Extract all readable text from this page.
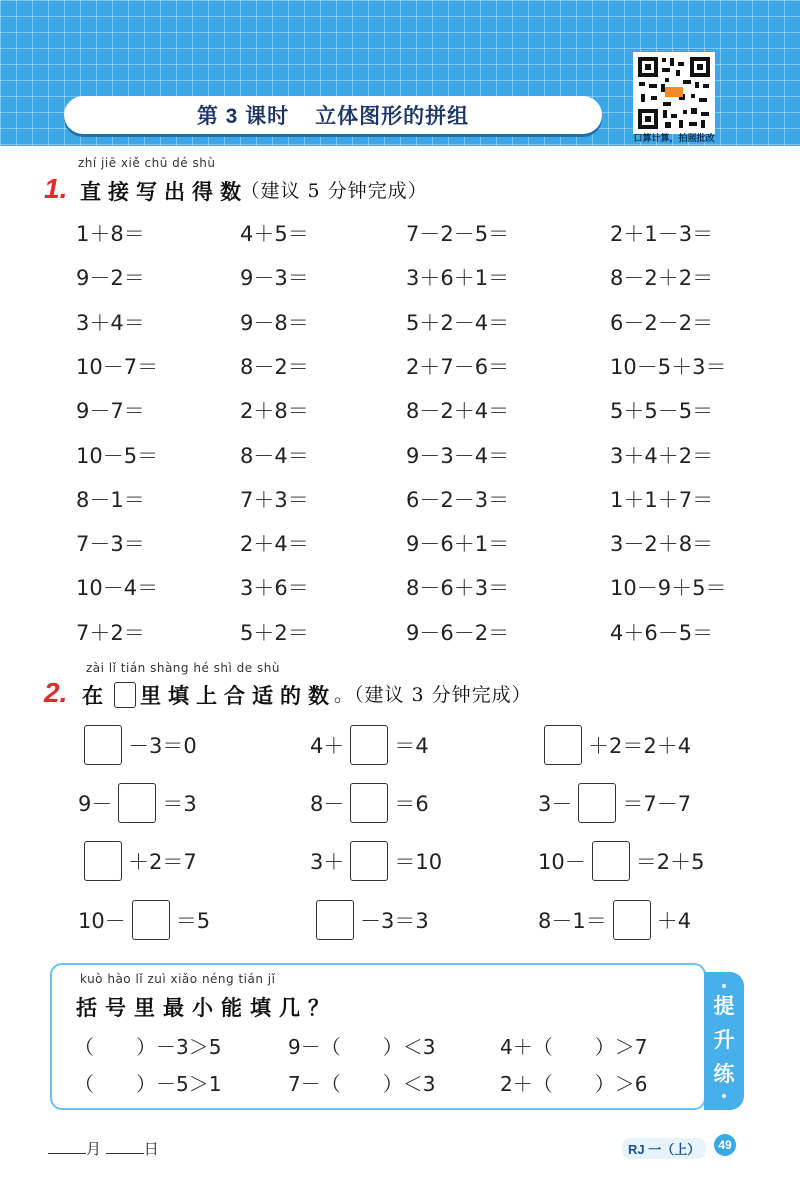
第 3 课时 立体图形的拼组
口算计算，拍照批改
zhí jiē xiě chū dé shù
1. 直接写出得数
。（建议 5 分钟完成）
1＋8＝	4＋5＝	7－2－5＝	2＋1－3＝
9－2＝	9－3＝	3＋6＋1＝	8－2＋2＝
3＋4＝	9－8＝	5＋2－4＝	6－2－2＝
10－7＝	8－2＝	2＋7－6＝	10－5＋3＝
9－7＝	2＋8＝	8－2＋4＝	5＋5－5＝
10－5＝	8－4＝	9－3－4＝	3＋4＋2＝
8－1＝	7＋3＝	6－2－3＝	1＋1＋7＝
7－3＝	2＋4＝	9－6＋1＝	3－2＋8＝
10－4＝	3＋6＝	8－6＋3＝	10－9＋5＝
7＋2＝	5＋2＝	9－6－2＝	4＋6－5＝
zài lǐ tián shàng hé shì de shù
2. 在 里填上合适的数
。（建议 3 分钟完成）
－3＝0	4＋ ＝4	＋2＝2＋4
9－ ＝3	8－ ＝6	3－ ＝7－7
＋2＝7	3＋ ＝10	10－ ＝2＋5
10－ ＝5	－3＝3	8－1＝ ＋4
提
升
练
kuò hào lǐ zuì xiǎo néng tián jǐ
括号里最小能填几？
（ ）－3＞5	9－（ ）＜3	4＋（ ）＞7
（ ）－5＞1	7－（ ）＜3	2＋（ ）＞6
月	日	RJ 一（上）	49
